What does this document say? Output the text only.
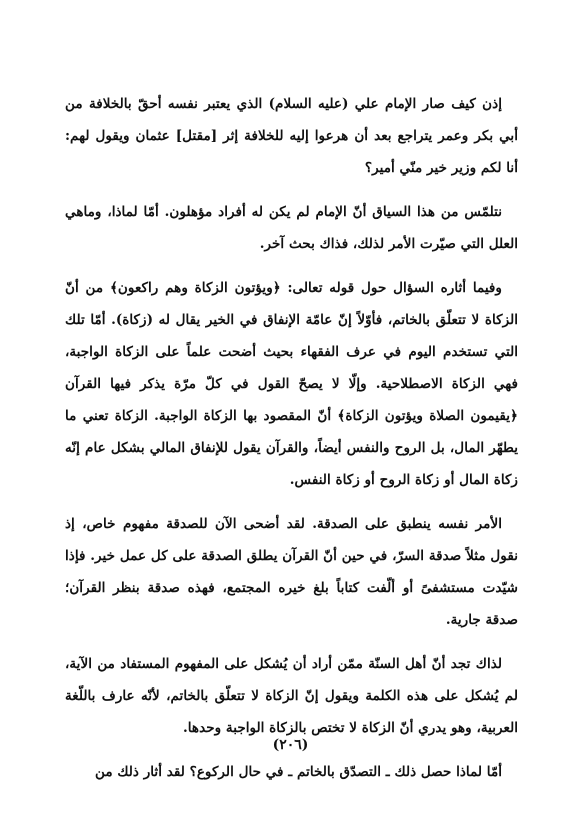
إذن كيف صار الإمام علي (عليه السلام) الذي يعتبر نفسه أحقّ بالخلافة من أبي بكر وعمر يتراجع بعد أن هرعوا إليه للخلافة إثر [مقتل] عثمان ويقول لهم: أنا لكم وزير خير منّي أمير؟

نتلمّس من هذا السياق أنّ الإمام لم يكن له أفراد مؤهلون. أمّا لماذا، وماهي العلل التي صيّرت الأمر لذلك، فذاك بحث آخر.

وفيما أثاره السؤال حول قوله تعالى: ﴿ويؤتون الزكاة وهم راكعون﴾ من أنّ الزكاة لا تتعلّق بالخاتم، فأوّلاً إنّ عامّة الإنفاق في الخير يقال له (زكاة). أمّا تلك التي تستخدم اليوم في عرف الفقهاء بحيث أضحت علماً على الزكاة الواجبة، فهي الزكاة الاصطلاحية. وإلّا لا يصحّ القول في كلّ مرّة يذكر فيها القرآن ﴿يقيمون الصلاة ويؤتون الزكاة﴾ أنّ المقصود بها الزكاة الواجبة. الزكاة تعني ما يطهّر المال، بل الروح والنفس أيضاً، والقرآن يقول للإنفاق المالي بشكل عام إنّه زكاة المال أو زكاة الروح أو زكاة النفس.

الأمر نفسه ينطبق على الصدقة. لقد أضحى الآن للصدقة مفهوم خاص، إذ نقول مثلاً صدقة السرّ، في حين أنّ القرآن يطلق الصدقة على كل عمل خير. فإذا شيّدت مستشفىً أو ألّفت كتاباً بلغ خيره المجتمع، فهذه صدقة بنظر القرآن؛ صدقة جارية.

لذاك تجد أنّ أهل السنّة ممّن أراد أن يُشكل على المفهوم المستفاد من الآية، لم يُشكل على هذه الكلمة ويقول إنّ الزكاة لا تتعلّق بالخاتم، لأنّه عارف باللّغة العربية، وهو يدري أنّ الزكاة لا تختص بالزكاة الواجبة وحدها.

أمّا لماذا حصل ذلك ـ التصدّق بالخاتم ـ في حال الركوع؟ لقد أثار ذلك من

(٢٠٦)
